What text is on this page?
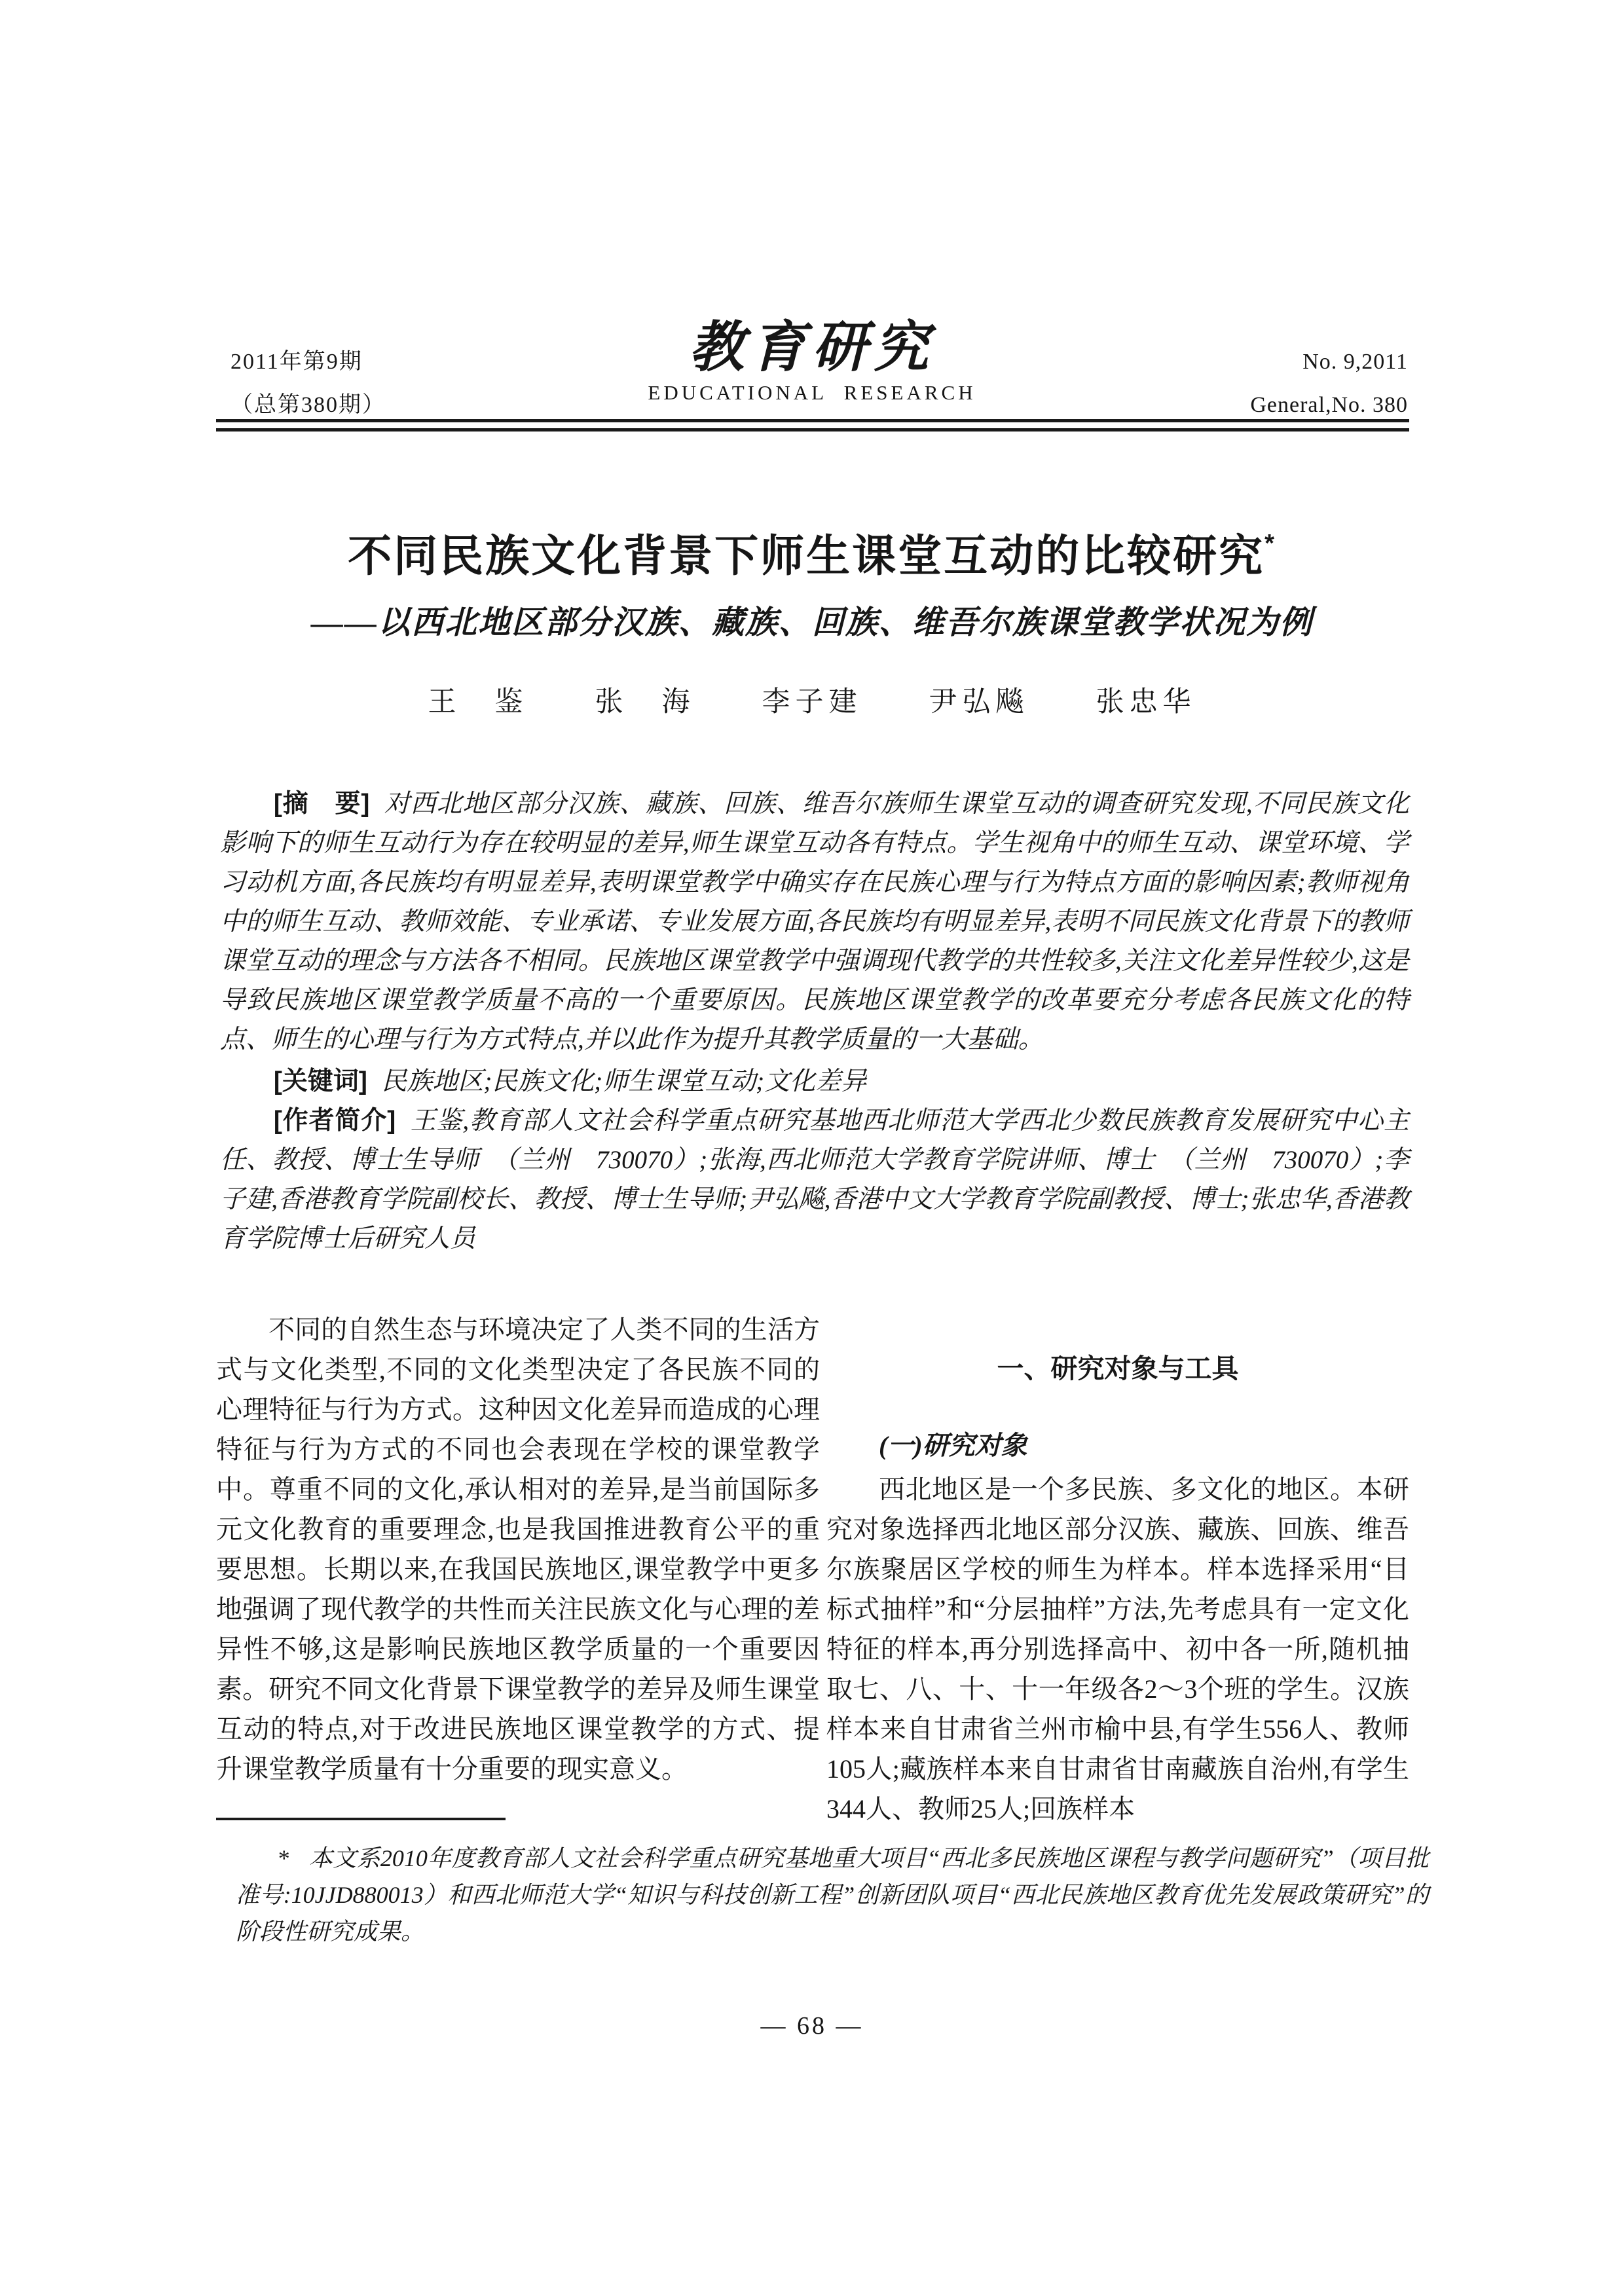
2011年第9期
（总第380期）
教育研究
EDUCATIONAL RESEARCH
No. 9,2011
General,No. 380
不同民族文化背景下师生课堂互动的比较研究*
——以西北地区部分汉族、藏族、回族、维吾尔族课堂教学状况为例
王　鉴　　张　海　　李子建　　尹弘飚　　张忠华

[摘　要] 对西北地区部分汉族、藏族、回族、维吾尔族师生课堂互动的调查研究发现,不同民族文化影响下的师生互动行为存在较明显的差异,师生课堂互动各有特点。学生视角中的师生互动、课堂环境、学习动机方面,各民族均有明显差异,表明课堂教学中确实存在民族心理与行为特点方面的影响因素;教师视角中的师生互动、教师效能、专业承诺、专业发展方面,各民族均有明显差异,表明不同民族文化背景下的教师课堂互动的理念与方法各不相同。民族地区课堂教学中强调现代教学的共性较多,关注文化差异性较少,这是导致民族地区课堂教学质量不高的一个重要原因。民族地区课堂教学的改革要充分考虑各民族文化的特点、师生的心理与行为方式特点,并以此作为提升其教学质量的一大基础。

[关键词] 民族地区;民族文化;师生课堂互动;文化差异

[作者简介] 王鉴,教育部人文社会科学重点研究基地西北师范大学西北少数民族教育发展研究中心主任、教授、博士生导师　（兰州　730070）;张海,西北师范大学教育学院讲师、博士　（兰州　730070）;李子建,香港教育学院副校长、教授、博士生导师;尹弘飚,香港中文大学教育学院副教授、博士;张忠华,香港教育学院博士后研究人员

不同的自然生态与环境决定了人类不同的生活方式与文化类型,不同的文化类型决定了各民族不同的心理特征与行为方式。这种因文化差异而造成的心理特征与行为方式的不同也会表现在学校的课堂教学中。尊重不同的文化,承认相对的差异,是当前国际多元文化教育的重要理念,也是我国推进教育公平的重要思想。长期以来,在我国民族地区,课堂教学中更多地强调了现代教学的共性而关注民族文化与心理的差异性不够,这是影响民族地区教学质量的一个重要因素。研究不同文化背景下课堂教学的差异及师生课堂互动的特点,对于改进民族地区课堂教学的方式、提升课堂教学质量有十分重要的现实意义。

一、研究对象与工具
(一)研究对象

西北地区是一个多民族、多文化的地区。本研究对象选择西北地区部分汉族、藏族、回族、维吾尔族聚居区学校的师生为样本。样本选择采用“目标式抽样”和“分层抽样”方法,先考虑具有一定文化特征的样本,再分别选择高中、初中各一所,随机抽取七、八、十、十一年级各2～3个班的学生。汉族样本来自甘肃省兰州市榆中县,有学生556人、教师105人;藏族样本来自甘肃省甘南藏族自治州,有学生344人、教师25人;回族样本

* 本文系2010年度教育部人文社会科学重点研究基地重大项目“西北多民族地区课程与教学问题研究”（项目批准号:10JJD880013）和西北师范大学“知识与科技创新工程”创新团队项目“西北民族地区教育优先发展政策研究”的阶段性研究成果。

— 68 —
